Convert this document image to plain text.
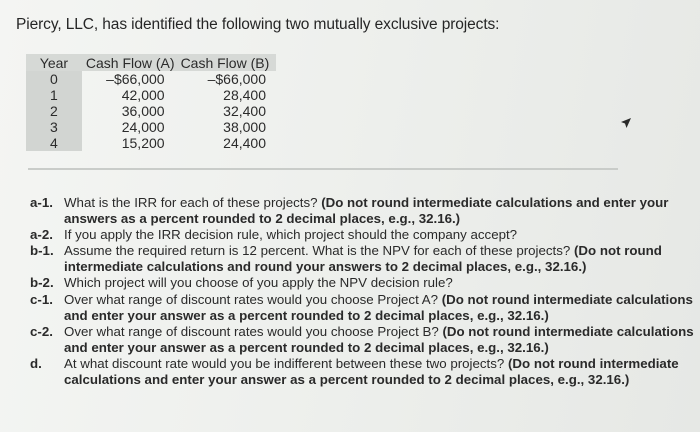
Piercy, LLC, has identified the following two mutually exclusive projects:
Year	Cash Flow (A)	Cash Flow (B)
0	–$66,000	–$66,000
1	42,000	28,400
2	36,000	32,400
3	24,000	38,000
4	15,200	24,400
a-1. What is the IRR for each of these projects? (Do not round intermediate calculations and enter your answers as a percent rounded to 2 decimal places, e.g., 32.16.)
a-2. If you apply the IRR decision rule, which project should the company accept?
b-1. Assume the required return is 12 percent. What is the NPV for each of these projects? (Do not round intermediate calculations and round your answers to 2 decimal places, e.g., 32.16.)
b-2. Which project will you choose of you apply the NPV decision rule?
c-1. Over what range of discount rates would you choose Project A? (Do not round intermediate calculations and enter your answer as a percent rounded to 2 decimal places, e.g., 32.16.)
c-2. Over what range of discount rates would you choose Project B? (Do not round intermediate calculations and enter your answer as a percent rounded to 2 decimal places, e.g., 32.16.)
d.	At what discount rate would you be indifferent between these two projects? (Do not round intermediate calculations and enter your answer as a percent rounded to 2 decimal places, e.g., 32.16.)
